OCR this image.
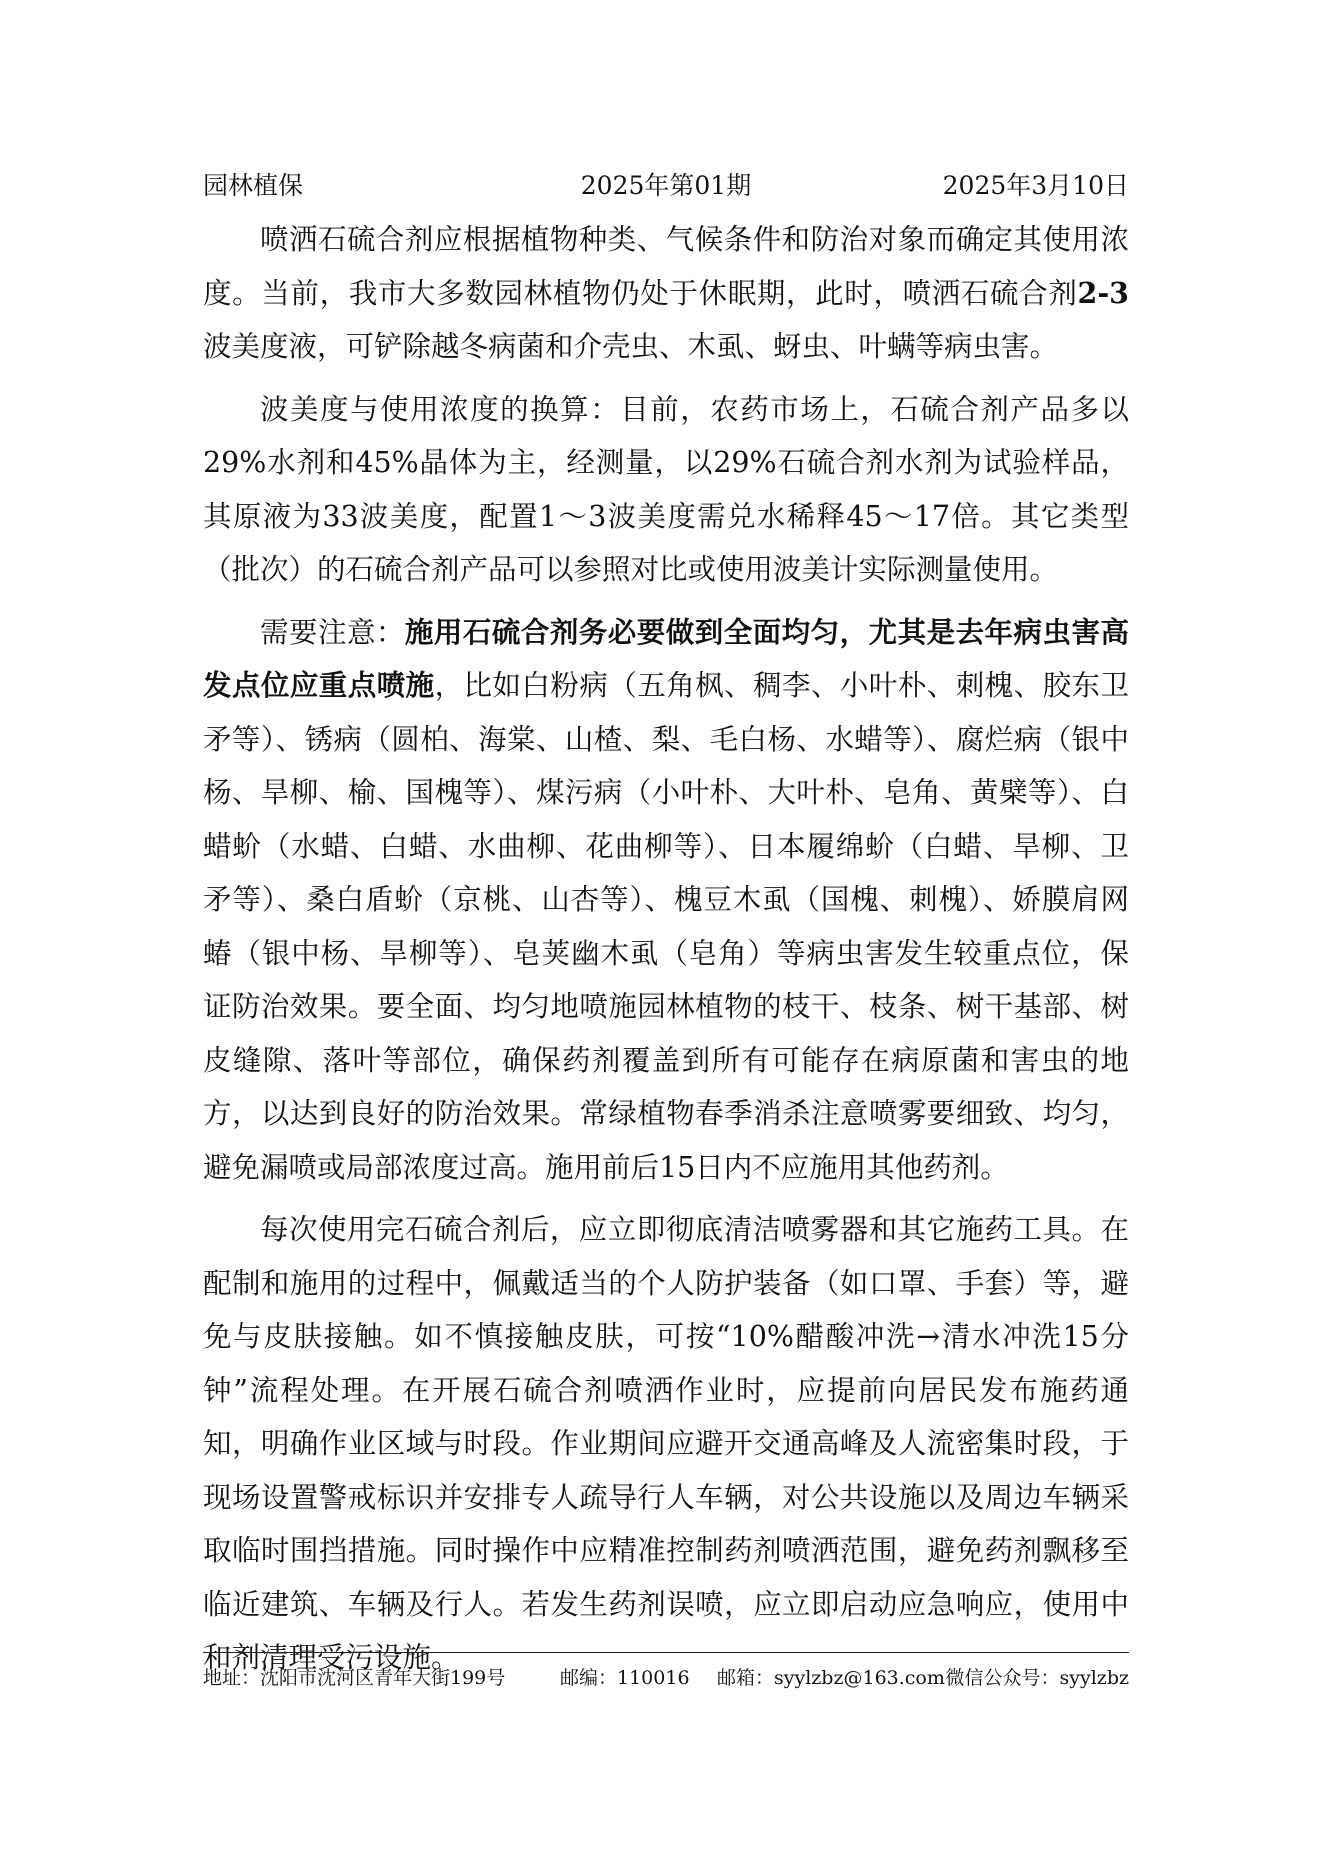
园林植保	2025年第01期	2025年3月10日

喷洒石硫合剂应根据植物种类、气候条件和防治对象而确定其使用浓度。当前，我市大多数园林植物仍处于休眠期，此时，喷洒石硫合剂2-3波美度液，可铲除越冬病菌和介壳虫、木虱、蚜虫、叶螨等病虫害。

波美度与使用浓度的换算：目前，农药市场上，石硫合剂产品多以29%水剂和45%晶体为主，经测量，以29%石硫合剂水剂为试验样品，其原液为33波美度，配置1～3波美度需兑水稀释45～17倍。其它类型（批次）的石硫合剂产品可以参照对比或使用波美计实际测量使用。

需要注意：施用石硫合剂务必要做到全面均匀，尤其是去年病虫害高发点位应重点喷施，比如白粉病（五角枫、稠李、小叶朴、刺槐、胶东卫矛等）、锈病（圆柏、海棠、山楂、梨、毛白杨、水蜡等）、腐烂病（银中杨、旱柳、榆、国槐等）、煤污病（小叶朴、大叶朴、皂角、黄檗等）、白蜡蚧（水蜡、白蜡、水曲柳、花曲柳等）、日本履绵蚧（白蜡、旱柳、卫矛等）、桑白盾蚧（京桃、山杏等）、槐豆木虱（国槐、刺槐）、娇膜肩网蝽（银中杨、旱柳等）、皂荚幽木虱（皂角）等病虫害发生较重点位，保证防治效果。要全面、均匀地喷施园林植物的枝干、枝条、树干基部、树皮缝隙、落叶等部位，确保药剂覆盖到所有可能存在病原菌和害虫的地方，以达到良好的防治效果。常绿植物春季消杀注意喷雾要细致、均匀，避免漏喷或局部浓度过高。施用前后15日内不应施用其他药剂。

每次使用完石硫合剂后，应立即彻底清洁喷雾器和其它施药工具。在配制和施用的过程中，佩戴适当的个人防护装备（如口罩、手套）等，避免与皮肤接触。如不慎接触皮肤，可按“10%醋酸冲洗→清水冲洗15分钟”流程处理。在开展石硫合剂喷洒作业时，应提前向居民发布施药通知，明确作业区域与时段。作业期间应避开交通高峰及人流密集时段，于现场设置警戒标识并安排专人疏导行人车辆，对公共设施以及周边车辆采取临时围挡措施。同时操作中应精准控制药剂喷洒范围，避免药剂飘移至临近建筑、车辆及行人。若发生药剂误喷，应立即启动应急响应，使用中和剂清理受污设施。

地址：沈阳市沈河区青年大街199号	邮编：110016 邮箱：syylzbz@163.com 微信公众号：syylzbz
